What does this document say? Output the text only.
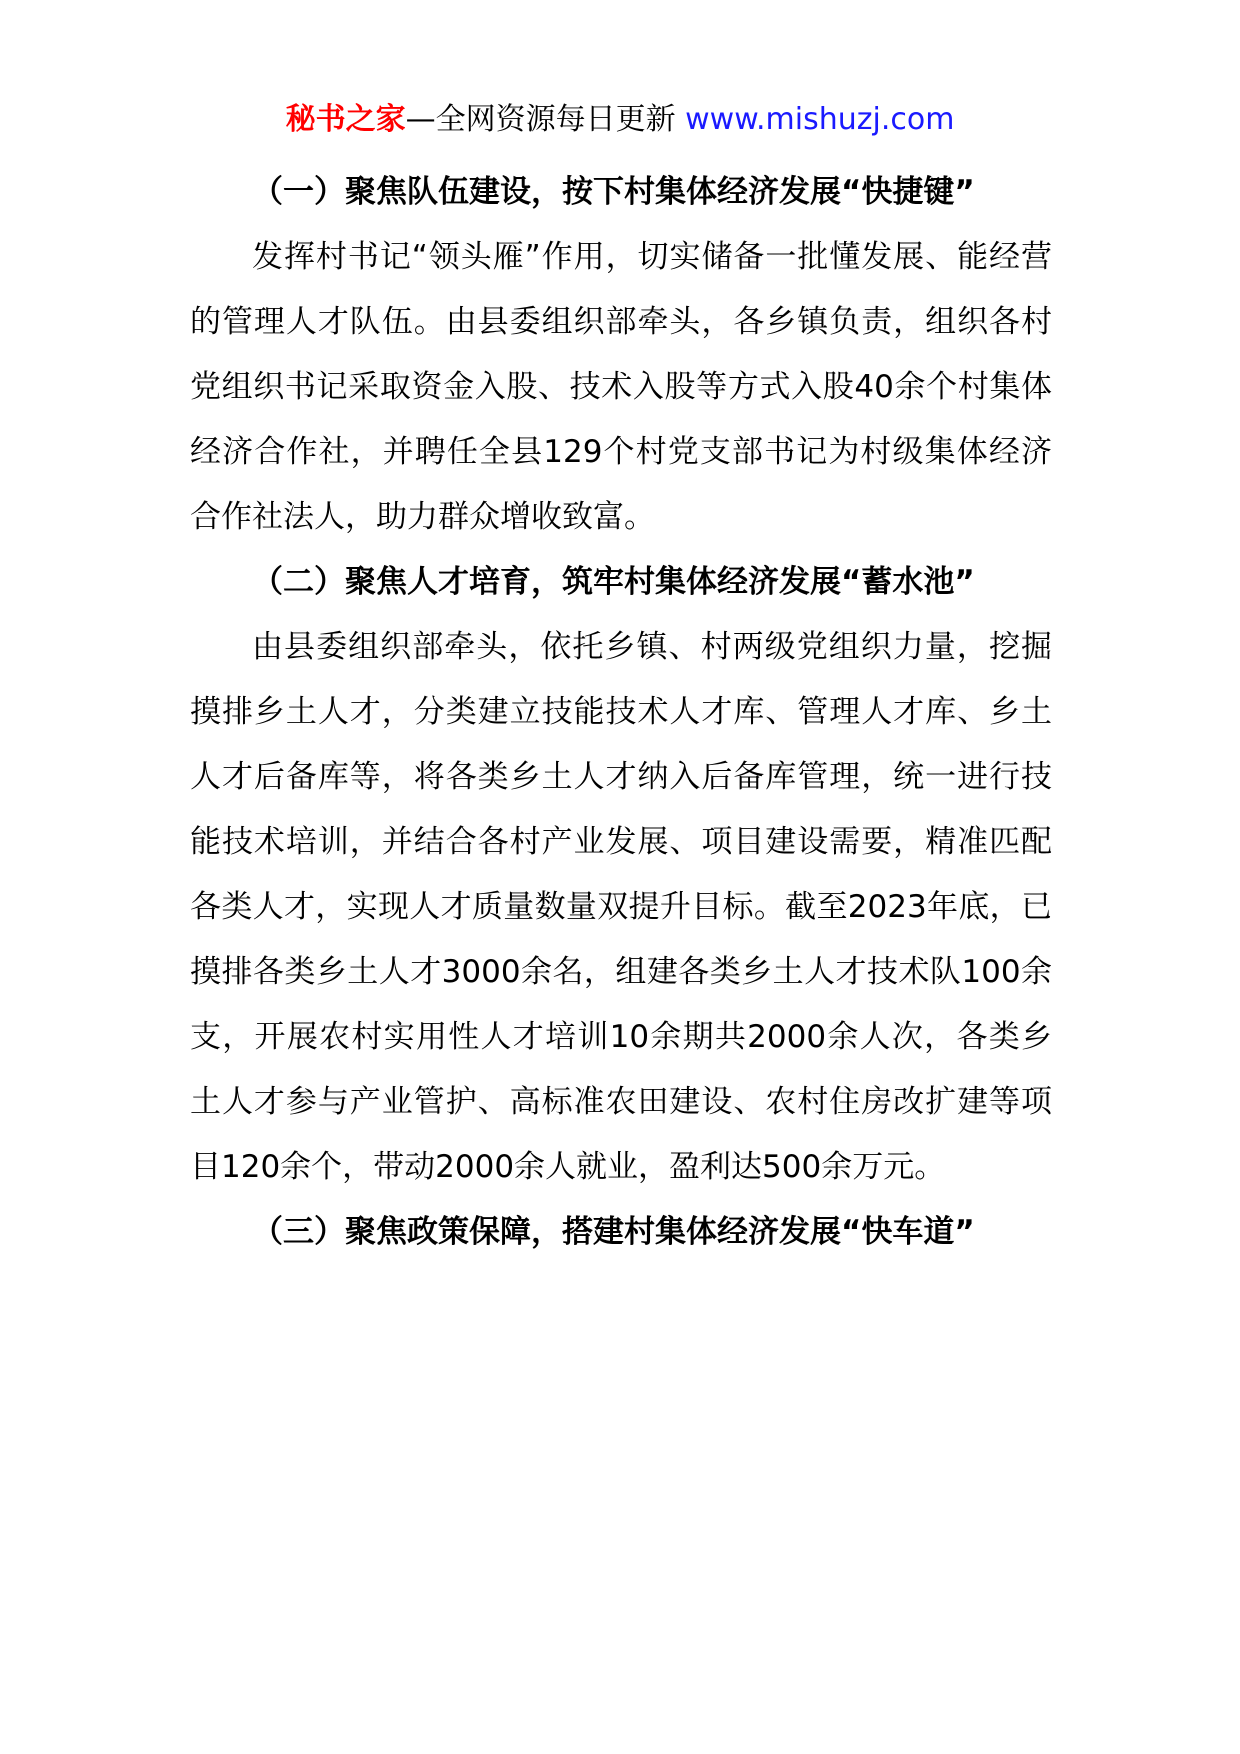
秘书之家—全网资源每日更新 www.mishuzj.com

（一）聚焦队伍建设，按下村集体经济发展“快捷键”

发挥村书记“领头雁”作用，切实储备一批懂发展、能经营的管理人才队伍。由县委组织部牵头，各乡镇负责，组织各村党组织书记采取资金入股、技术入股等方式入股40余个村集体经济合作社，并聘任全县129个村党支部书记为村级集体经济合作社法人，助力群众增收致富。

（二）聚焦人才培育，筑牢村集体经济发展“蓄水池”

由县委组织部牵头，依托乡镇、村两级党组织力量，挖掘摸排乡土人才，分类建立技能技术人才库、管理人才库、乡土人才后备库等，将各类乡土人才纳入后备库管理，统一进行技能技术培训，并结合各村产业发展、项目建设需要，精准匹配各类人才，实现人才质量数量双提升目标。截至2023年底，已摸排各类乡土人才3000余名，组建各类乡土人才技术队100余支，开展农村实用性人才培训10余期共2000余人次，各类乡土人才参与产业管护、高标准农田建设、农村住房改扩建等项目120余个，带动2000余人就业，盈利达500余万元。

（三）聚焦政策保障，搭建村集体经济发展“快车道”
